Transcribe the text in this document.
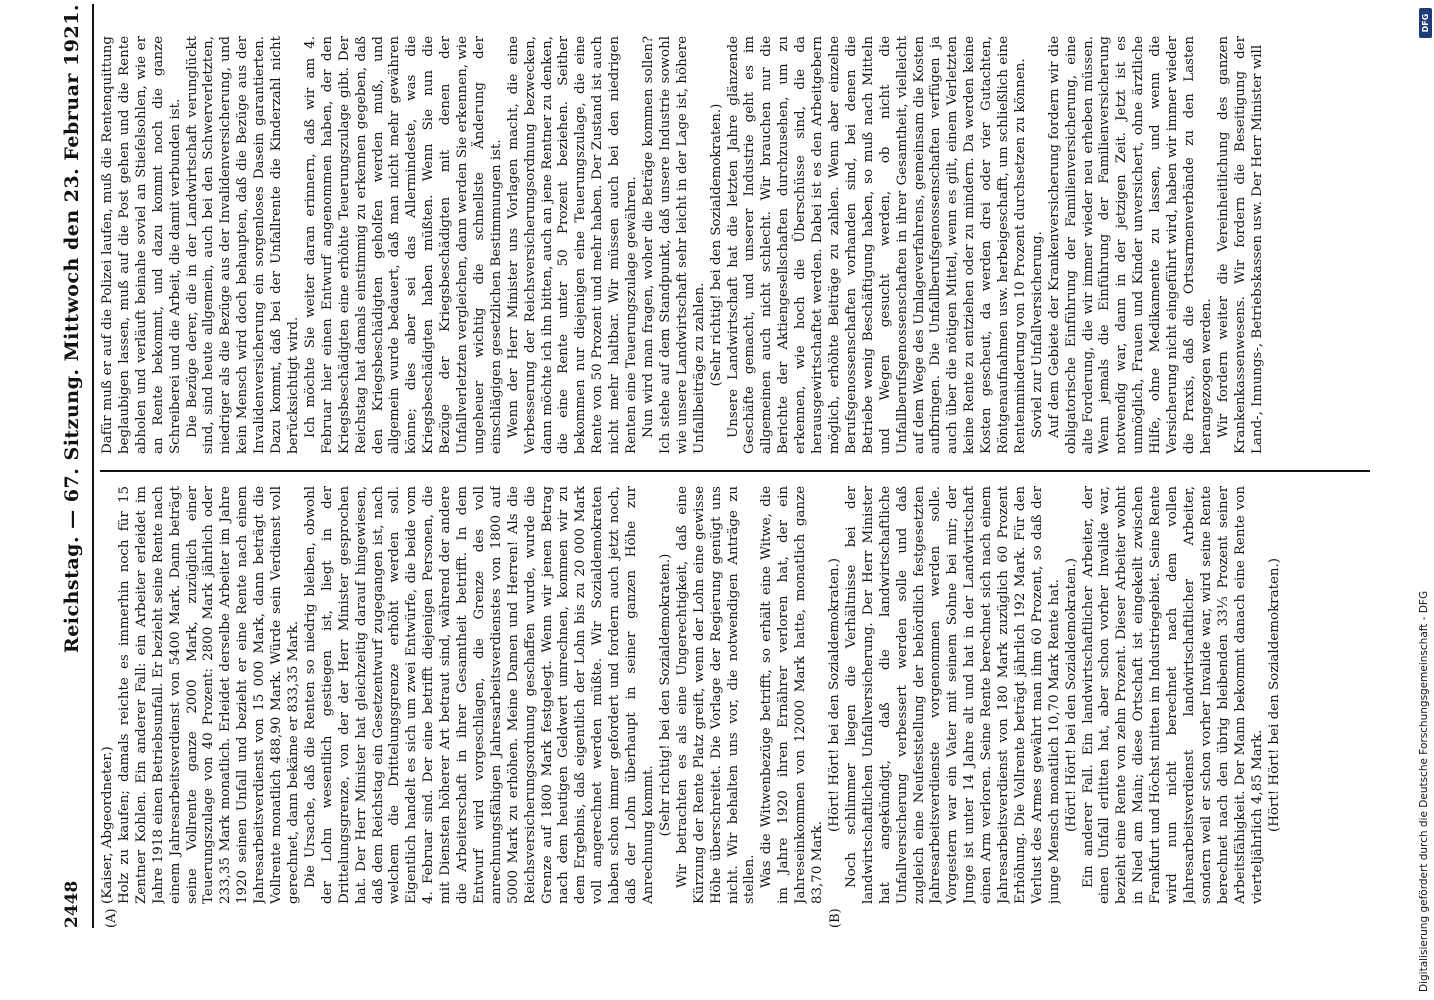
2448
Reichstag. — 67. Sitzung. Mittwoch den 23. Februar 1921.
(A)	(B)

(Kaiser, Abgeordneter.) Holz zu kaufen; damals reichte es immerhin noch für 15 Zentner Kohlen. Ein anderer Fall: ein Arbeiter erleidet im Jahre 1918 einen Betriebsunfall. Er bezieht seine Rente nach einem Jahresarbeitsverdienst von 5400 Mark. Dann beträgt seine Vollrente ganze 2000 Mark, zuzüglich einer Teuerungszulage von 40 Prozent: 2800 Mark jährlich oder 233,35 Mark monatlich. Erleidet derselbe Arbeiter im Jahre 1920 seinen Unfall und bezieht er eine Rente nach einem Jahresarbeitsverdienst von 15 000 Mark, dann beträgt die Vollrente monatlich 488,90 Mark. Würde sein Verdienst voll gerechnet, dann bekäme er 833,35 Mark. Die Ursache, daß die Renten so niedrig bleiben, obwohl der Lohn wesentlich gestiegen ist, liegt in der Drittelungsgrenze, von der der Herr Minister gesprochen hat. Der Herr Minister hat gleichzeitig darauf hingewiesen, daß dem Reichstag ein Gesetzentwurf zugegangen ist, nach welchem die Drittelungsgrenze erhöht werden soll. Eigentlich handelt es sich um zwei Entwürfe, die beide vom 4. Februar sind. Der eine betrifft diejenigen Personen, die mit Diensten höherer Art betraut sind, während der andere die Arbeiterschaft in ihrer Gesamtheit betrifft. In dem Entwurf wird vorgeschlagen, die Grenze des voll anrechnungsfähigen Jahresarbeitsverdienstes von 1800 auf 5000 Mark zu erhöhen. Meine Damen und Herren! Als die Reichsversicherungsordnung geschaffen wurde, wurde die Grenze auf 1800 Mark festgelegt. Wenn wir jenen Betrag nach dem heutigen Geldwert umrechnen, kommen wir zu dem Ergebnis, daß eigentlich der Lohn bis zu 20 000 Mark voll angerechnet werden müßte. Wir Sozialdemokraten haben schon immer gefordert und fordern auch jetzt noch, daß der Lohn überhaupt in seiner ganzen Höhe zur Anrechnung kommt. (Sehr richtig! bei den Sozialdemokraten.) Wir betrachten es als eine Ungerechtigkeit, daß eine Kürzung der Rente Platz greift, wenn der Lohn eine gewisse Höhe überschreitet. Die Vorlage der Regierung genügt uns nicht. Wir behalten uns vor, die notwendigen Anträge zu stellen. Was die Witwenbezüge betrifft, so erhält eine Witwe, die im Jahre 1920 ihren Ernährer verloren hat, der ein Jahreseinkommen von 12000 Mark hatte, monatlich ganze 83,70 Mark.

(Hört! Hört! bei den Sozialdemokraten.) Noch schlimmer liegen die Verhältnisse bei der landwirtschaftlichen Unfallversicherung. Der Herr Minister hat angekündigt, daß die landwirtschaftliche Unfallversicherung verbessert werden solle und daß zugleich eine Neufeststellung der behördlich festgesetzten Jahresarbeitsverdienste vorgenommen werden solle. Vorgestern war ein Vater mit seinem Sohne bei mir; der Junge ist unter 14 Jahre alt und hat in der Landwirtschaft einen Arm verloren. Seine Rente berechnet sich nach einem Jahresarbeitsverdienst von 180 Mark zuzüglich 60 Prozent Erhöhung. Die Vollrente beträgt jährlich 192 Mark. Für den Verlust des Armes gewährt man ihm 60 Prozent, so daß der junge Mensch monatlich 10,70 Mark Rente hat. (Hört! Hört! bei den Sozialdemokraten.) Ein anderer Fall. Ein landwirtschaftlicher Arbeiter, der einen Unfall erlitten hat, aber schon vorher Invalide war, bezieht eine Rente von zehn Prozent. Dieser Arbeiter wohnt in Nied am Main; diese Ortschaft ist eingekeilt zwischen Frankfurt und Höchst mitten im Industriegebiet. Seine Rente wird nun nicht berechnet nach dem vollen Jahresarbeitsverdienst landwirtschaftlicher Arbeiter, sondern weil er schon vorher Invalide war, wird seine Rente berechnet nach den übrig bleibenden 33⅓ Prozent seiner Arbeitsfähigkeit. Der Mann bekommt danach eine Rente von vierteljährlich 4,85 Mark. (Hört! Hört! bei den Sozialdemokraten.)

Dafür muß er auf die Polizei laufen, muß die Rentenquittung beglaubigen lassen, muß auf die Post gehen und die Rente abholen und verläuft beinahe soviel an Stiefelsohlen, wie er an Rente bekommt, und dazu kommt noch die ganze Schreiberei und die Arbeit, die damit verbunden ist. Die Bezüge derer, die in der Landwirtschaft verunglückt sind, sind heute allgemein, auch bei den Schwerverletzten, niedriger als die Bezüge aus der Invalidenversicherung, und kein Mensch wird doch behaupten, daß die Bezüge aus der Invalidenversicherung ein sorgenloses Dasein garantierten. Dazu kommt, daß bei der Unfallrente die Kinderzahl nicht berücksichtigt wird. Ich möchte Sie weiter daran erinnern, daß wir am 4. Februar hier einen Entwurf angenommen haben, der den Kriegsbeschädigten eine erhöhte Teuerungszulage gibt. Der Reichstag hat damals einstimmig zu erkennen gegeben, daß den Kriegsbeschädigten geholfen werden muß, und allgemein wurde bedauert, daß man nicht mehr gewähren könne; dies aber sei das Allermindeste, was die Kriegsbeschädigten haben müßten. Wenn Sie nun die Bezüge der Kriegsbeschädigten mit denen der Unfallverletzten vergleichen, dann werden Sie erkennen, wie ungeheuer wichtig die schnellste Änderung der einschlägigen gesetzlichen Bestimmungen ist. Wenn der Herr Minister uns Vorlagen macht, die eine Verbesserung der Reichsversicherungsordnung bezwecken, dann möchte ich ihn bitten, auch an jene Rentner zu denken, die eine Rente unter 50 Prozent beziehen. Seither bekommen nur diejenigen eine Teuerungszulage, die eine Rente von 50 Prozent und mehr haben. Der Zustand ist auch nicht mehr haltbar. Wir müssen auch bei den niedrigen Renten eine Teuerungszulage gewähren. Nun wird man fragen, woher die Beträge kommen sollen? Ich stehe auf dem Standpunkt, daß unsere Industrie sowohl wie unsere Landwirtschaft sehr leicht in der Lage ist, höhere Unfallbeiträge zu zahlen. (Sehr richtig! bei den Sozialdemokraten.) Unsere Landwirtschaft hat die letzten Jahre glänzende Geschäfte gemacht, und unserer Industrie geht es im allgemeinen auch nicht schlecht. Wir brauchen nur die Berichte der Aktiengesellschaften durchzusehen, um zu erkennen, wie hoch die Überschüsse sind, die da herausgewirtschaftet werden. Dabei ist es den Arbeitgebern möglich, erhöhte Beiträge zu zahlen. Wenn aber einzelne Berufsgenossenschaften vorhanden sind, bei denen die Betriebe wenig Beschäftigung haben, so muß nach Mitteln und Wegen gesucht werden, ob nicht die Unfallberufsgenossenschaften in ihrer Gesamtheit, vielleicht auf dem Wege des Umlageverfahrens, gemeinsam die Kosten aufbringen. Die Unfallberufsgenossenschaften verfügen ja auch über die nötigen Mittel, wenn es gilt, einem Verletzten keine Rente zu entziehen oder zu mindern. Da werden keine Kosten gescheut, da werden drei oder vier Gutachten, Röntgenaufnahmen usw. herbeigeschafft, um schließlich eine Rentenminderung von 10 Prozent durchsetzen zu können. Soviel zur Unfallversicherung. Auf dem Gebiete der Krankenversicherung fordern wir die obligatorische Einführung der Familienversicherung, eine alte Forderung, die wir immer wieder neu erheben müssen. Wenn jemals die Einführung der Familienversicherung notwendig war, dann in der jetzigen Zeit. Jetzt ist es unmöglich, Frauen und Kinder unversichert, ohne ärztliche Hilfe, ohne Medikamente zu lassen, und wenn die Versicherung nicht eingeführt wird, haben wir immer wieder die Praxis, daß die Ortsarmenverbände zu den Lasten herangezogen werden. Wir fordern weiter die Vereinheitlichung des ganzen Krankenkassenwesens. Wir fordern die Beseitigung der Land-, Innungs-, Betriebskassen usw. Der Herr Minister will

DFG
Digitalisierung gefördert durch die Deutsche Forschungsgemeinschaft - DFG
